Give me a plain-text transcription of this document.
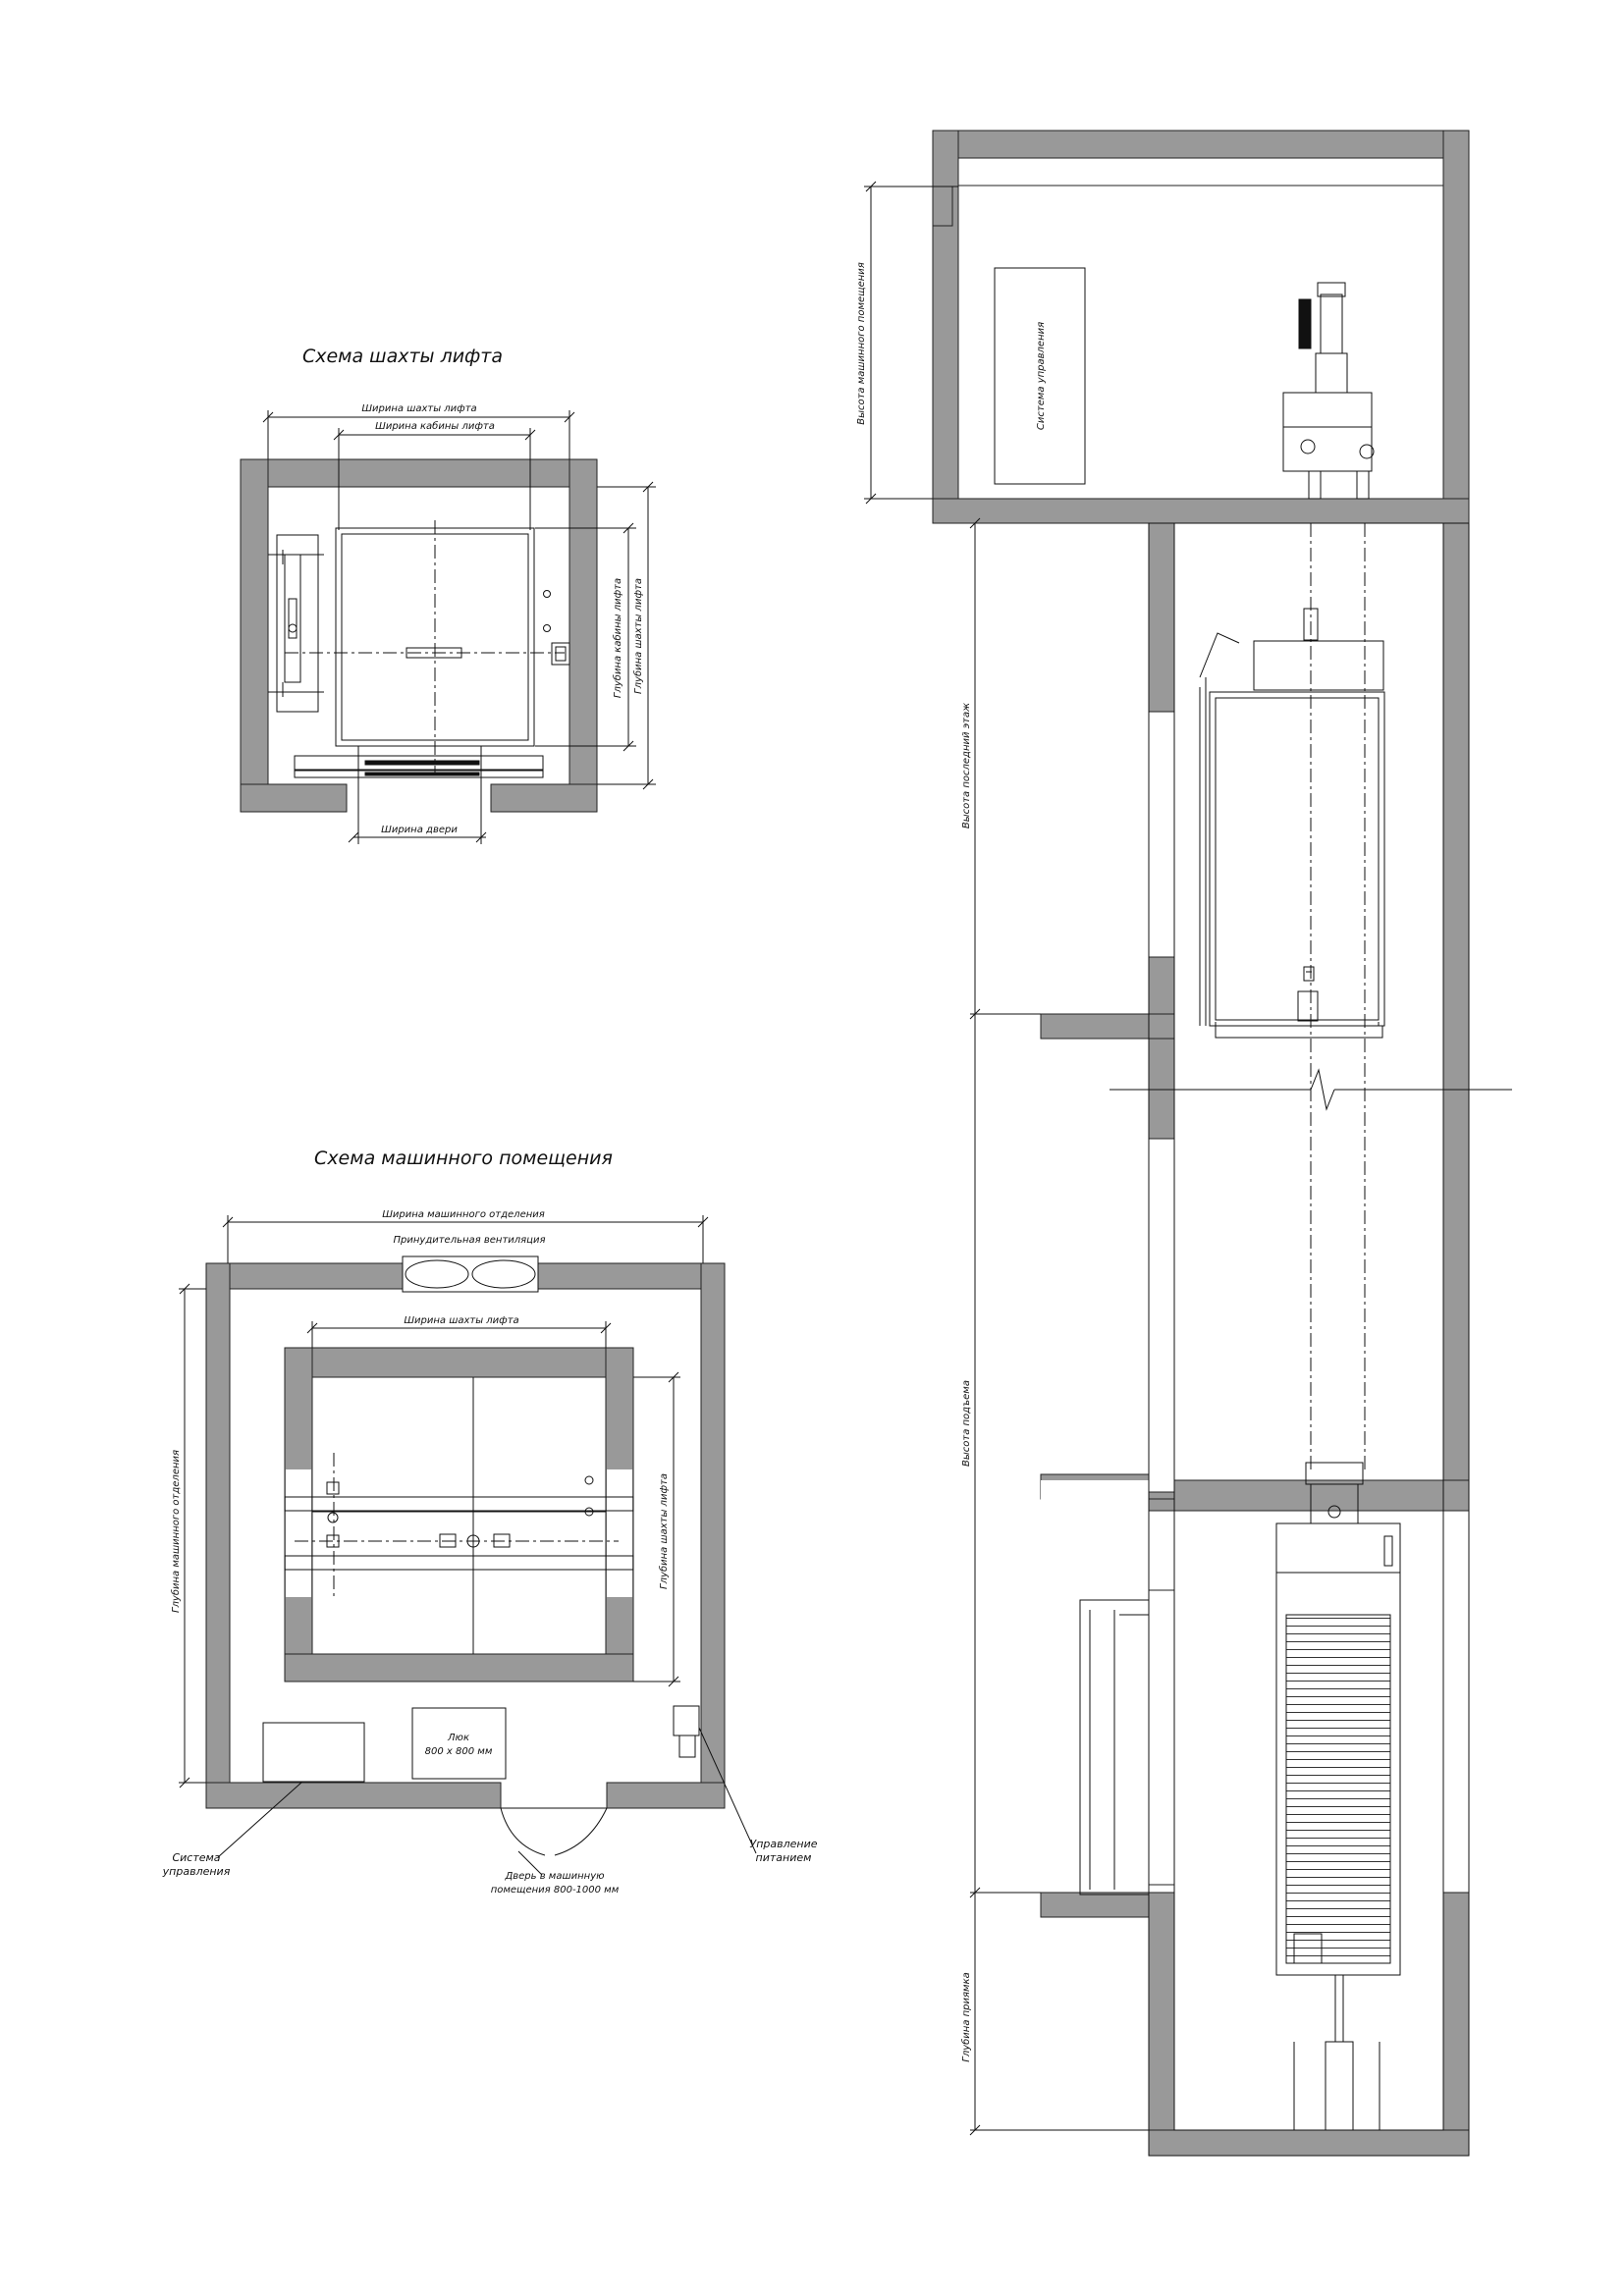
Схема шахты лифта
Ширина шахты лифта
Ширина кабины лифта
Ширина двери
Глубина кабины лифта Глубина шахты лифта
Схема машинного помещения
Принудительная вентиляция
Ширина машинного отделения
Ширина шахты лифта
Глубина шахты лифта
Глубина машинного отделения
Система
управления
Люк
800 x 800 мм
Управление
питанием
Дверь в машинную
помещения 800-1000 мм
Высота машинного помещения	Система управления
Высота последний этаж
Высота подъема
Глубина приямка
